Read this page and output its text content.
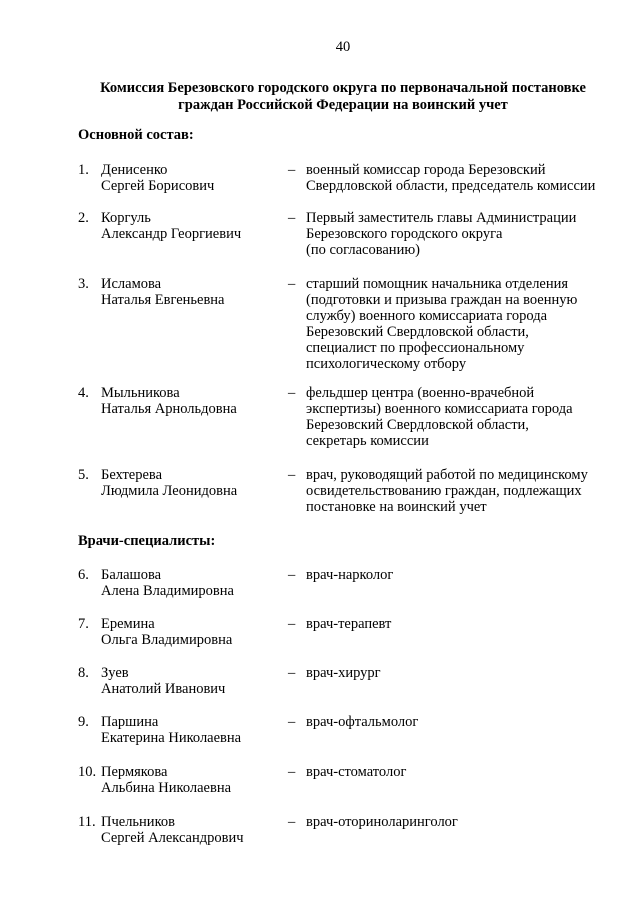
40
Комиссия Березовского городского округа по первоначальной постановке
граждан Российской Федерации на воинский учет
Основной состав:
1. Денисенко
Сергей Борисович
– военный комиссар города Березовский
Свердловской области, председатель комиссии
2. Коргуль
Александр Георгиевич
– Первый заместитель главы Администрации
Березовского городского округа
(по согласованию)
3. Исламова
Наталья Евгеньевна
– старший помощник начальника отделения
(подготовки и призыва граждан на военную
службу) военного комиссариата города
Березовский Свердловской области,
специалист по профессиональному
психологическому отбору
4. Мыльникова
Наталья Арнольдовна
– фельдшер центра (военно-врачебной
экспертизы) военного комиссариата города
Березовский Свердловской области,
секретарь комиссии
5. Бехтерева
Людмила Леонидовна
– врач, руководящий работой по медицинскому
освидетельствованию граждан, подлежащих
постановке на воинский учет
6. Балашова
Алена Владимировна
– врач-нарколог
7. Еремина
Ольга Владимировна
– врач-терапевт
8. Зуев
Анатолий Иванович
– врач-хирург
9. Паршина
Екатерина Николаевна
– врач-офтальмолог
10. Пермякова
Альбина Николаевна
– врач-стоматолог
11. Пчельников
Сергей Александрович
– врач-оториноларинголог
Врачи-специалисты:
